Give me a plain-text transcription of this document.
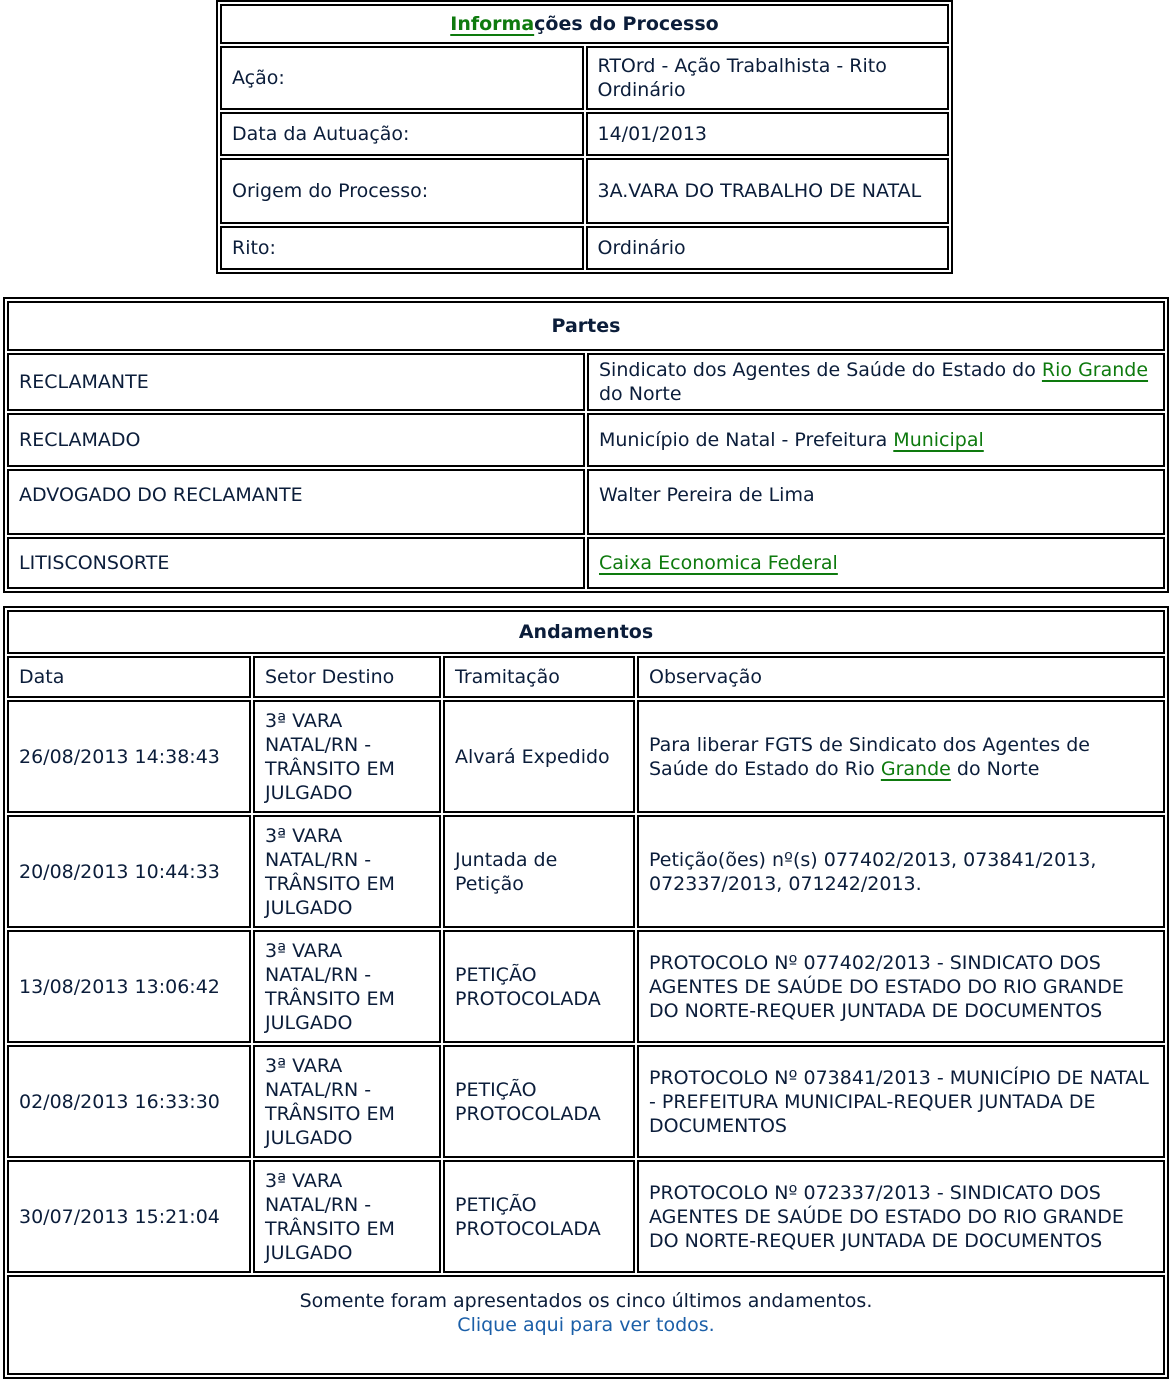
Informações do Processo	
Ação:	RTOrd - Ação Trabalhista - Rito Ordinário
Data da Autuação:	14/01/2013
Origem do Processo:	3A.VARA DO TRABALHO DE NATAL
Rito:	Ordinário
Partes	
RECLAMANTE	Sindicato dos Agentes de Saúde do Estado do Rio Grande do Norte
RECLAMADO	Município de Natal - Prefeitura Municipal
ADVOGADO DO RECLAMANTE	Walter Pereira de Lima
LITISCONSORTE	Caixa Economica Federal
Andamentos			
Data	Setor Destino	Tramitação	Observação
26/08/2013 14:38:43	3ª VARA NATAL/RN - TRÂNSITO EM JULGADO	Alvará Expedido	Para liberar FGTS de Sindicato dos Agentes de Saúde do Estado do Rio Grande do Norte
20/08/2013 10:44:33	3ª VARA NATAL/RN - TRÂNSITO EM JULGADO	Juntada de Petição	Petição(ões) nº(s) 077402/2013, 073841/2013, 072337/2013, 071242/2013.
13/08/2013 13:06:42	3ª VARA NATAL/RN - TRÂNSITO EM JULGADO	PETIÇÃO PROTOCOLADA	PROTOCOLO Nº 077402/2013 - SINDICATO DOS AGENTES DE SAÚDE DO ESTADO DO RIO GRANDE DO NORTE-REQUER JUNTADA DE DOCUMENTOS
02/08/2013 16:33:30	3ª VARA NATAL/RN - TRÂNSITO EM JULGADO	PETIÇÃO PROTOCOLADA	PROTOCOLO Nº 073841/2013 - MUNICÍPIO DE NATAL - PREFEITURA MUNICIPAL-REQUER JUNTADA DE DOCUMENTOS
30/07/2013 15:21:04	3ª VARA NATAL/RN - TRÂNSITO EM JULGADO	PETIÇÃO PROTOCOLADA	PROTOCOLO Nº 072337/2013 - SINDICATO DOS AGENTES DE SAÚDE DO ESTADO DO RIO GRANDE DO NORTE-REQUER JUNTADA DE DOCUMENTOS

Somente foram apresentados os cinco últimos andamentos.
Clique aqui para ver todos.			
